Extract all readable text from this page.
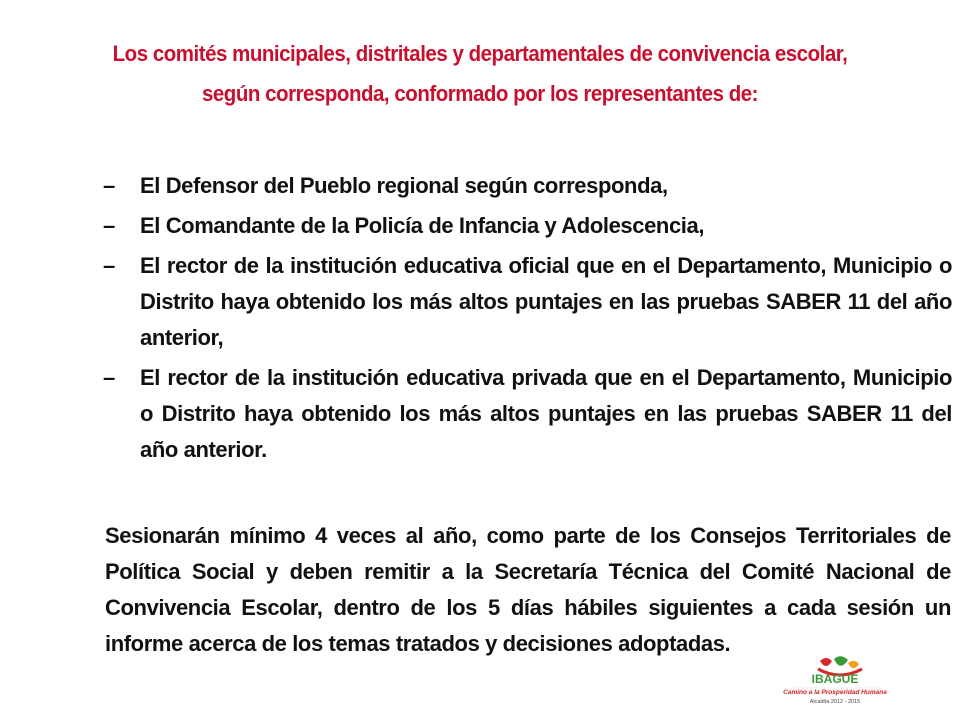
Los comités municipales, distritales y departamentales de convivencia escolar, según corresponda, conformado por los representantes de:
–	El Defensor del Pueblo regional según corresponda,
–	El Comandante de la Policía de Infancia y Adolescencia,
–	El rector de la institución educativa oficial que en el Departamento, Municipio o Distrito haya obtenido los más altos puntajes en las pruebas SABER 11 del año anterior,
–	El rector de la institución educativa privada que en el Departamento, Municipio o Distrito haya obtenido los más altos puntajes en las pruebas SABER 11 del año anterior.

Sesionarán mínimo 4 veces al año, como parte de los Consejos Territoriales de Política Social y deben remitir a la Secretaría Técnica del Comité Nacional de Convivencia Escolar, dentro de los 5 días hábiles siguientes a cada sesión un informe acerca de los temas tratados y decisiones adoptadas.

IBAGUE
Camino a la Prosperidad Humana
Alcaldía 2012 - 2015
